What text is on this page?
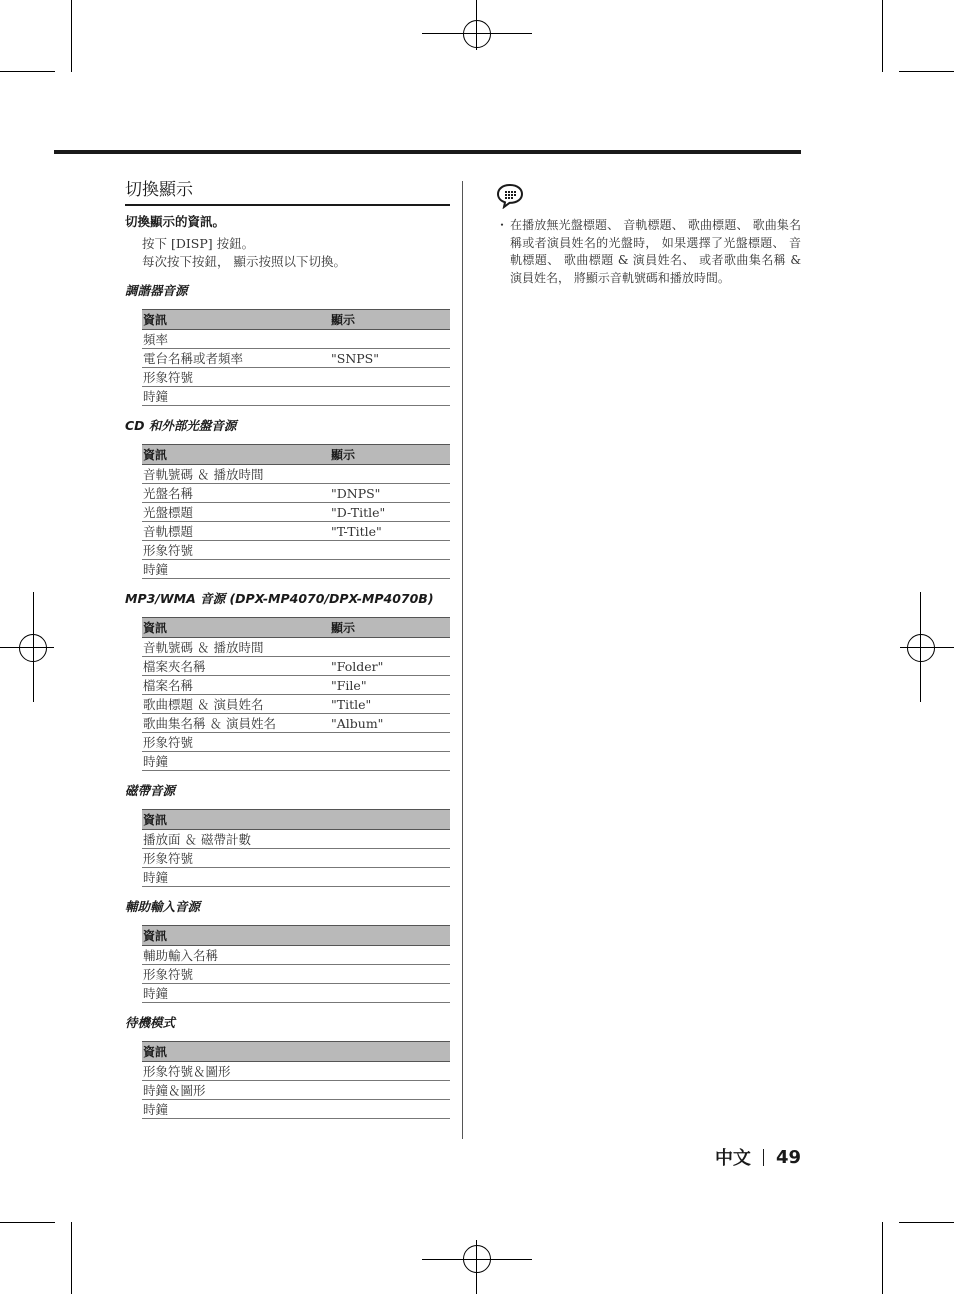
切換顯示
切換顯示的資訊。
按下 [DISP] 按鈕。
每次按下按鈕， 顯示按照以下切換。
調諧器音源
資訊	顯示
頻率	
電台名稱或者頻率	"SNPS"
形象符號	
時鐘	
CD 和外部光盤音源
資訊	顯示
音軌號碼 ＆ 播放時間	
光盤名稱	"DNPS"
光盤標題	"D-Title"
音軌標題	"T-Title"
形象符號	
時鐘	
MP3/WMA 音源 (DPX-MP4070/DPX-MP4070B)
資訊	顯示
音軌號碼 ＆ 播放時間	
檔案夾名稱	"Folder"
檔案名稱	"File"
歌曲標題 ＆ 演員姓名	"Title"
歌曲集名稱 ＆ 演員姓名	"Album"
形象符號	
時鐘	
磁帶音源
資訊	
播放面 ＆ 磁帶計數	
形象符號	
時鐘	
輔助輸入音源
資訊	
輔助輸入名稱	
形象符號	
時鐘	
待機模式
資訊	
形象符號＆圖形	
時鐘＆圖形	
時鐘	
・ 在播放無光盤標題、 音軌標題、 歌曲標題、 歌曲集名稱或者演員姓名的光盤時， 如果選擇了光盤標題、 音軌標題、 歌曲標題 & 演員姓名、 或者歌曲集名稱 & 演員姓名， 將顯示音軌號碼和播放時間。
中文 49
